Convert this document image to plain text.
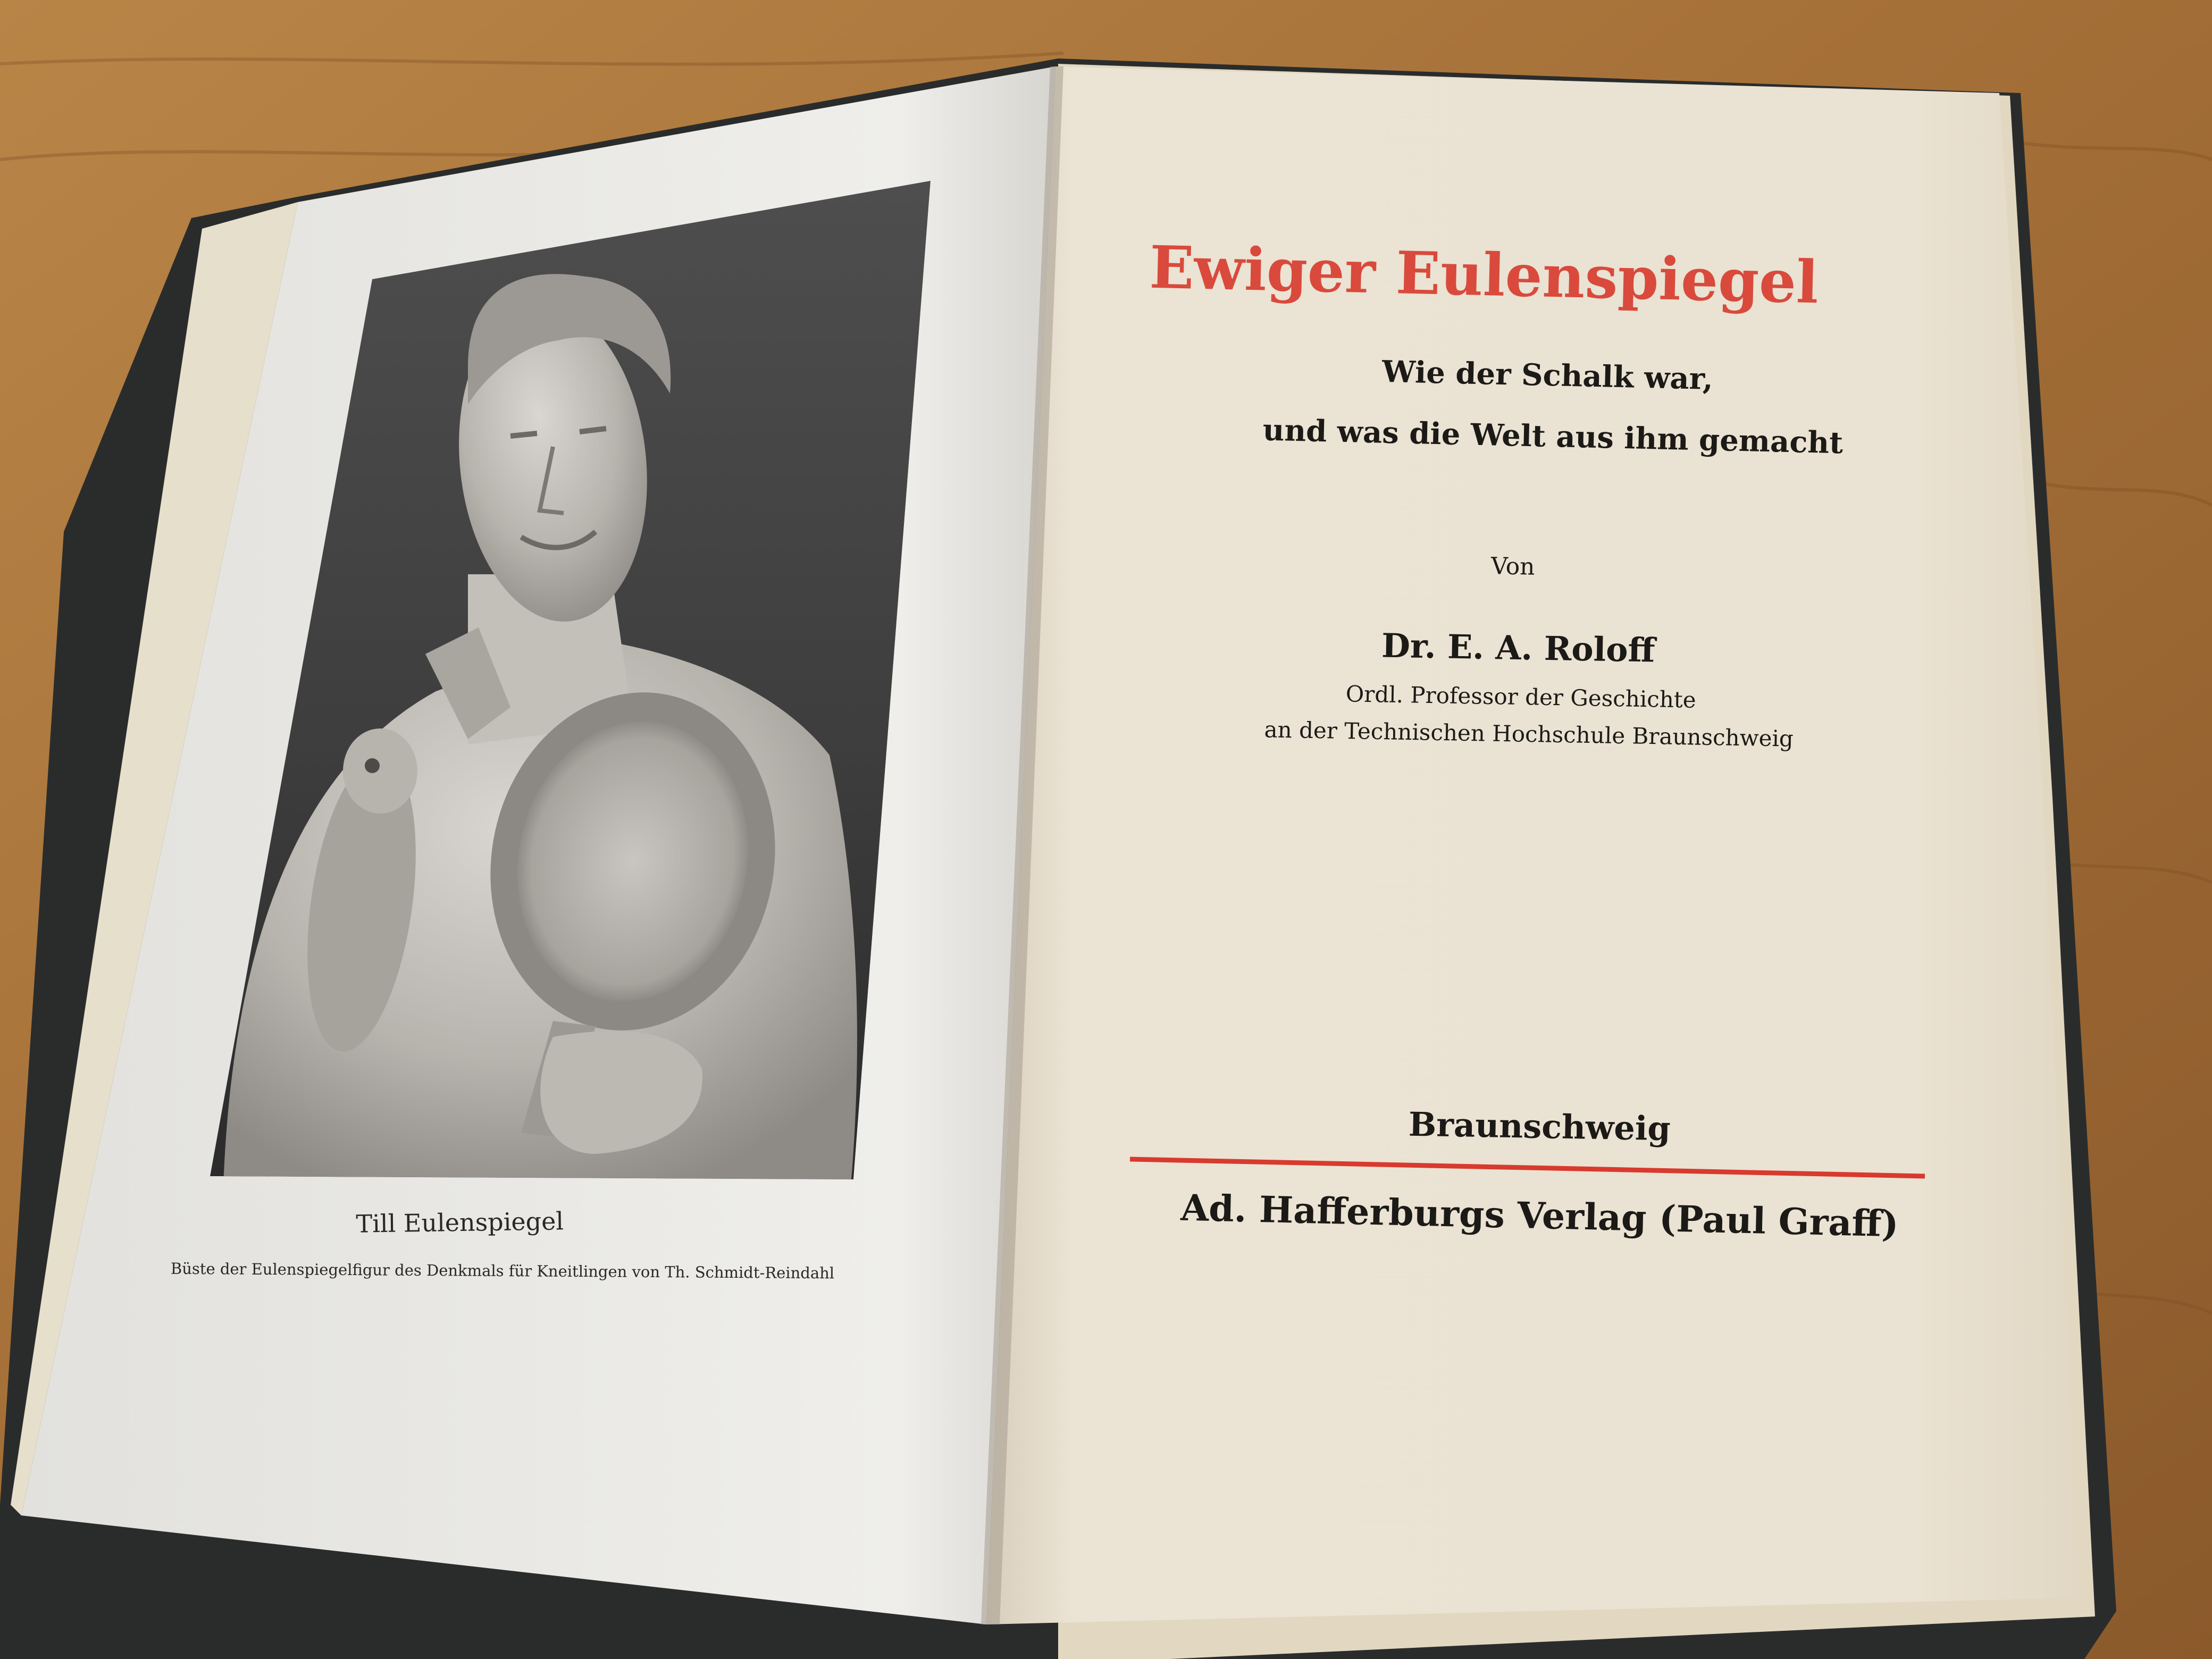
Till Eulenspiegel
Büste der Eulenspiegelfigur des Denkmals für Kneitlingen von Th. Schmidt-Reindahl
Ewiger Eulenspiegel
Wie der Schalk war,
und was die Welt aus ihm gemacht
Von
Dr. E. A. Roloff
Ordl. Professor der Geschichte
an der Technischen Hochschule Braunschweig
Braunschweig
Ad. Hafferburgs Verlag (Paul Graff)
